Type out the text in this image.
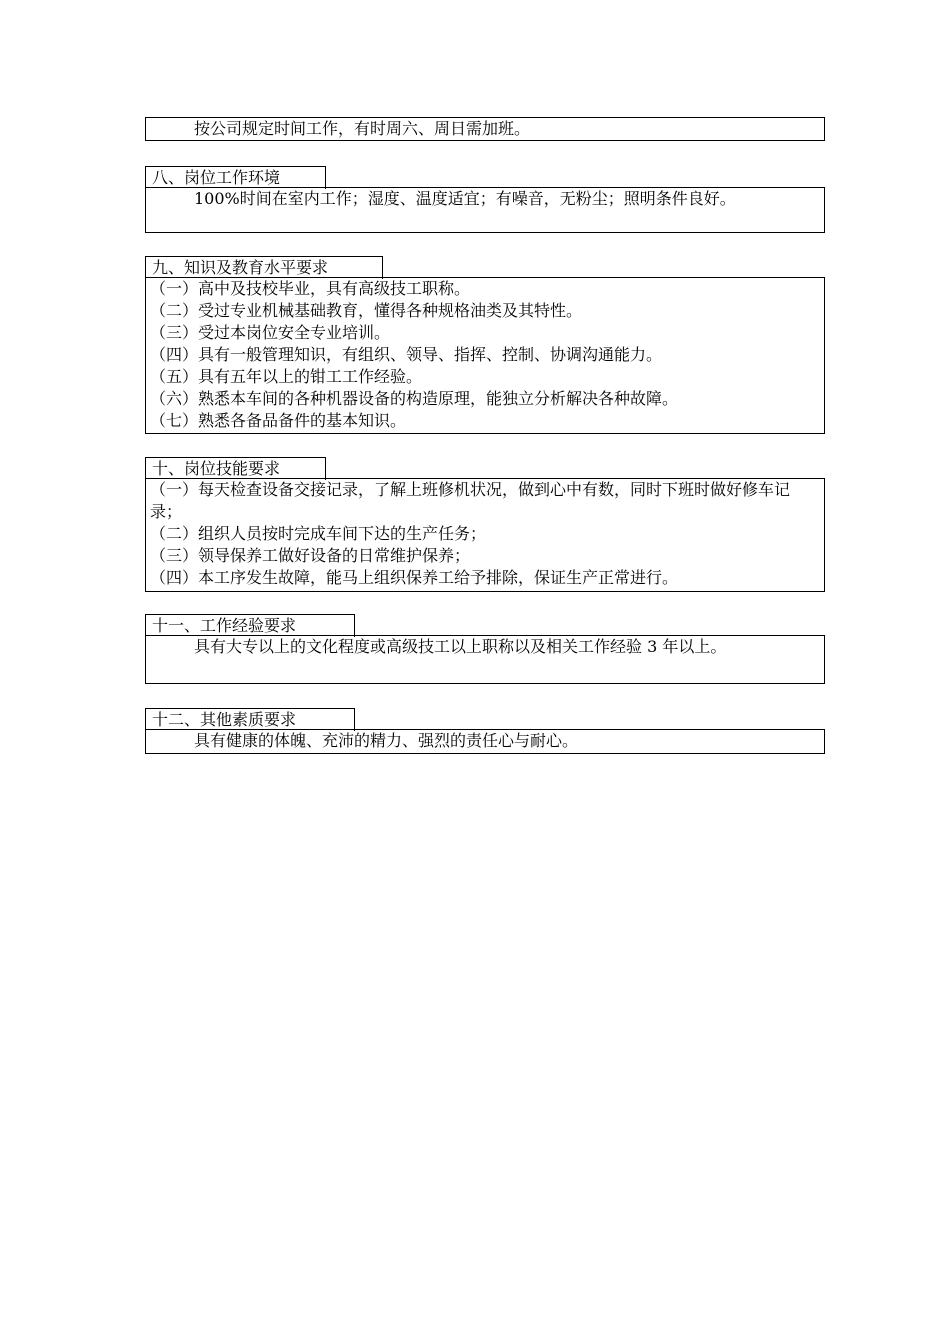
按公司规定时间工作，有时周六、周日需加班。

八、岗位工作环境

100%时间在室内工作；湿度、温度适宜；有噪音，无粉尘；照明条件良好。

九、知识及教育水平要求

（一）高中及技校毕业，具有高级技工职称。

（二）受过专业机械基础教育，懂得各种规格油类及其特性。

（三）受过本岗位安全专业培训。

（四）具有一般管理知识，有组织、领导、指挥、控制、协调沟通能力。

（五）具有五年以上的钳工工作经验。

（六）熟悉本车间的各种机器设备的构造原理，能独立分析解决各种故障。

（七）熟悉各备品备件的基本知识。

十、岗位技能要求

（一）每天检查设备交接记录，了解上班修机状况，做到心中有数，同时下班时做好修车记录；

（二）组织人员按时完成车间下达的生产任务；

（三）领导保养工做好设备的日常维护保养；

（四）本工序发生故障，能马上组织保养工给予排除，保证生产正常进行。

十一、工作经验要求

具有大专以上的文化程度或高级技工以上职称以及相关工作经验 3 年以上。

十二、其他素质要求

具有健康的体魄、充沛的精力、强烈的责任心与耐心。
